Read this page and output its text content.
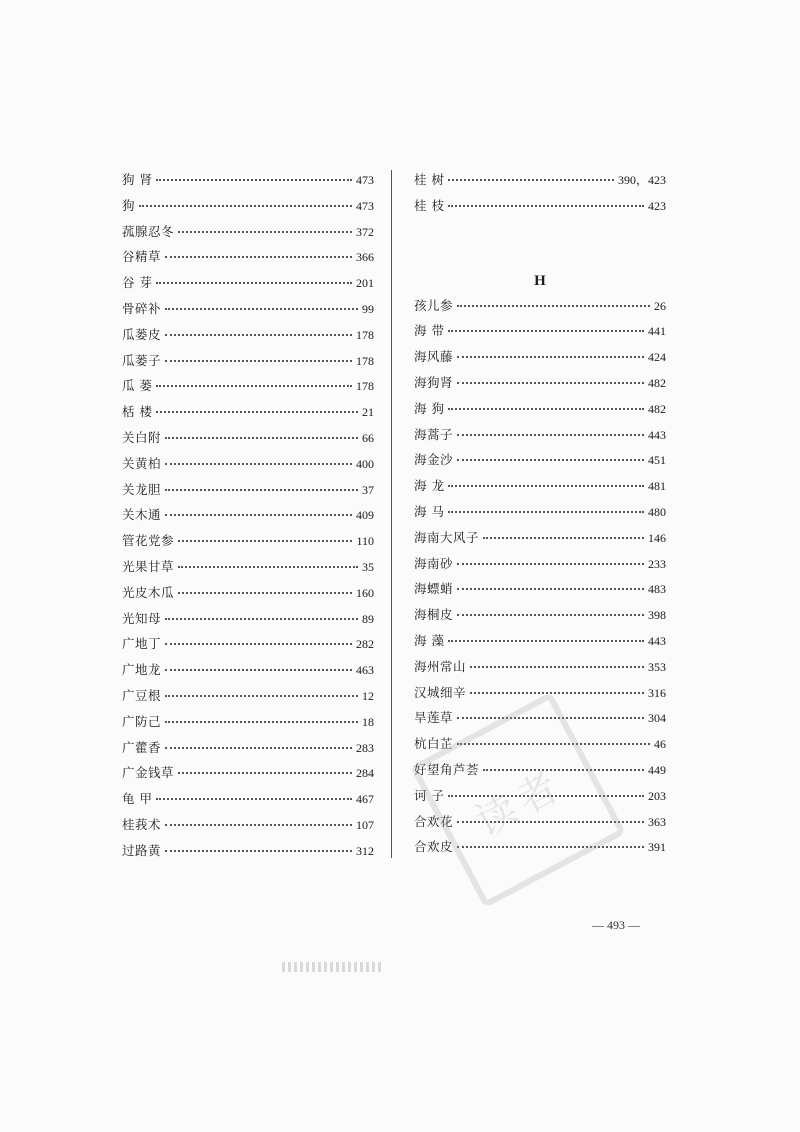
狗 肾	473
狗	473
菰腺忍冬	372
谷精草	366
谷 芽	201
骨碎补	99
瓜蒌皮	178
瓜蒌子	178
瓜 蒌	178
栝 楼	21
关白附	66
关黄柏	400
关龙胆	37
关木通	409
管花党参	110
光果甘草	35
光皮木瓜	160
光知母	89
广地丁	282
广地龙	463
广豆根	12
广防己	18
广藿香	283
广金钱草	284
龟 甲	467
桂莪术	107
过路黄	312
桂 树	390，423
桂 枝	423
H
孩儿参	26
海 带	441
海风藤	424
海狗肾	482
海 狗	482
海蒿子	443
海金沙	451
海 龙	481
海 马	480
海南大风子	146
海南砂	233
海螵蛸	483
海桐皮	398
海 藻	443
海州常山	353
汉城细辛	316
旱莲草	304
杭白芷	46
好望角芦荟	449
诃 子	203
合欢花	363
合欢皮	391
— 493 —
读者
